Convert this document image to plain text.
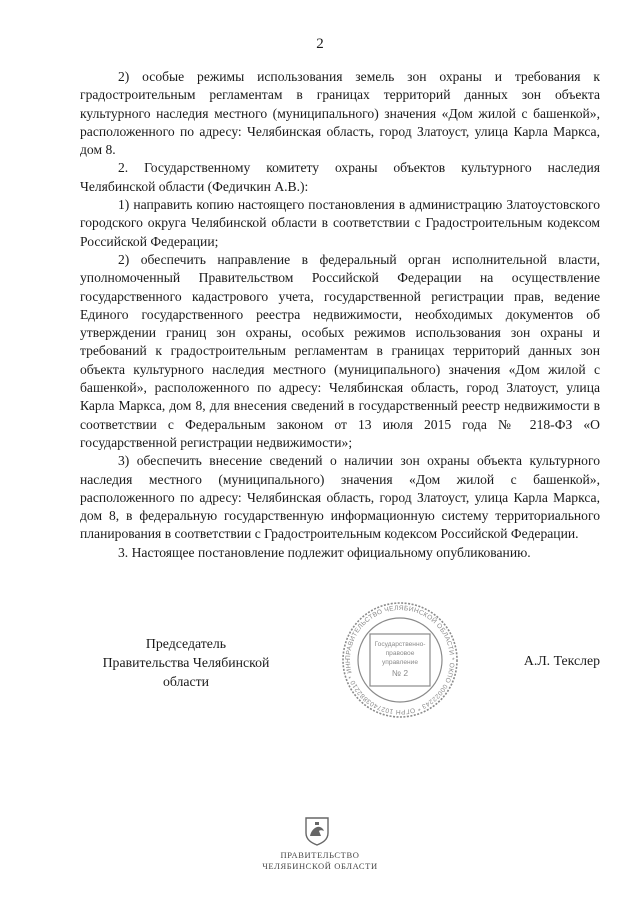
2

2) особые режимы использования земель зон охраны и требования к градостроительным регламентам в границах территорий данных зон объекта культурного наследия местного (муниципального) значения «Дом жилой с башенкой», расположенного по адресу: Челябинская область, город Златоуст, улица Карла Маркса, дом 8.

2. Государственному комитету охраны объектов культурного наследия Челябинской области (Федичкин А.В.):

1) направить копию настоящего постановления в администрацию Златоустовского городского округа Челябинской области в соответствии с Градостроительным кодексом Российской Федерации;

2) обеспечить направление в федеральный орган исполнительной власти, уполномоченный Правительством Российской Федерации на осуществление государственного кадастрового учета, государственной регистрации прав, ведение Единого государственного реестра недвижимости, необходимых документов об утверждении границ зон охраны, особых режимов использования зон охраны и требований к градостроительным регламентам в границах территорий данных зон объекта культурного наследия местного (муниципального) значения «Дом жилой с башенкой», расположенного по адресу: Челябинская область, город Златоуст, улица Карла Маркса, дом 8, для внесения сведений в государственный реестр недвижимости в соответствии с Федеральным законом от 13 июля 2015 года № 218-ФЗ «О государственной регистрации недвижимости»;

3) обеспечить внесение сведений о наличии зон охраны объекта культурного наследия местного (муниципального) значения «Дом жилой с башенкой», расположенного по адресу: Челябинская область, город Златоуст, улица Карла Маркса, дом 8, в федеральную государственную информационную систему территориального планирования в соответствии с Градостроительным кодексом Российской Федерации.

3. Настоящее постановление подлежит официальному опубликованию.

Председатель
Правительства Челябинской области
А.Л. Текслер
ПРАВИТЕЛЬСТВО ЧЕЛЯБИНСКОЙ ОБЛАСТИ * ОКПО 00022243 * ОГРН 1027403882210 * ИНН
Государственно-
правовое
управление
№ 2
ПРАВИТЕЛЬСТВО
ЧЕЛЯБИНСКОЙ ОБЛАСТИ
